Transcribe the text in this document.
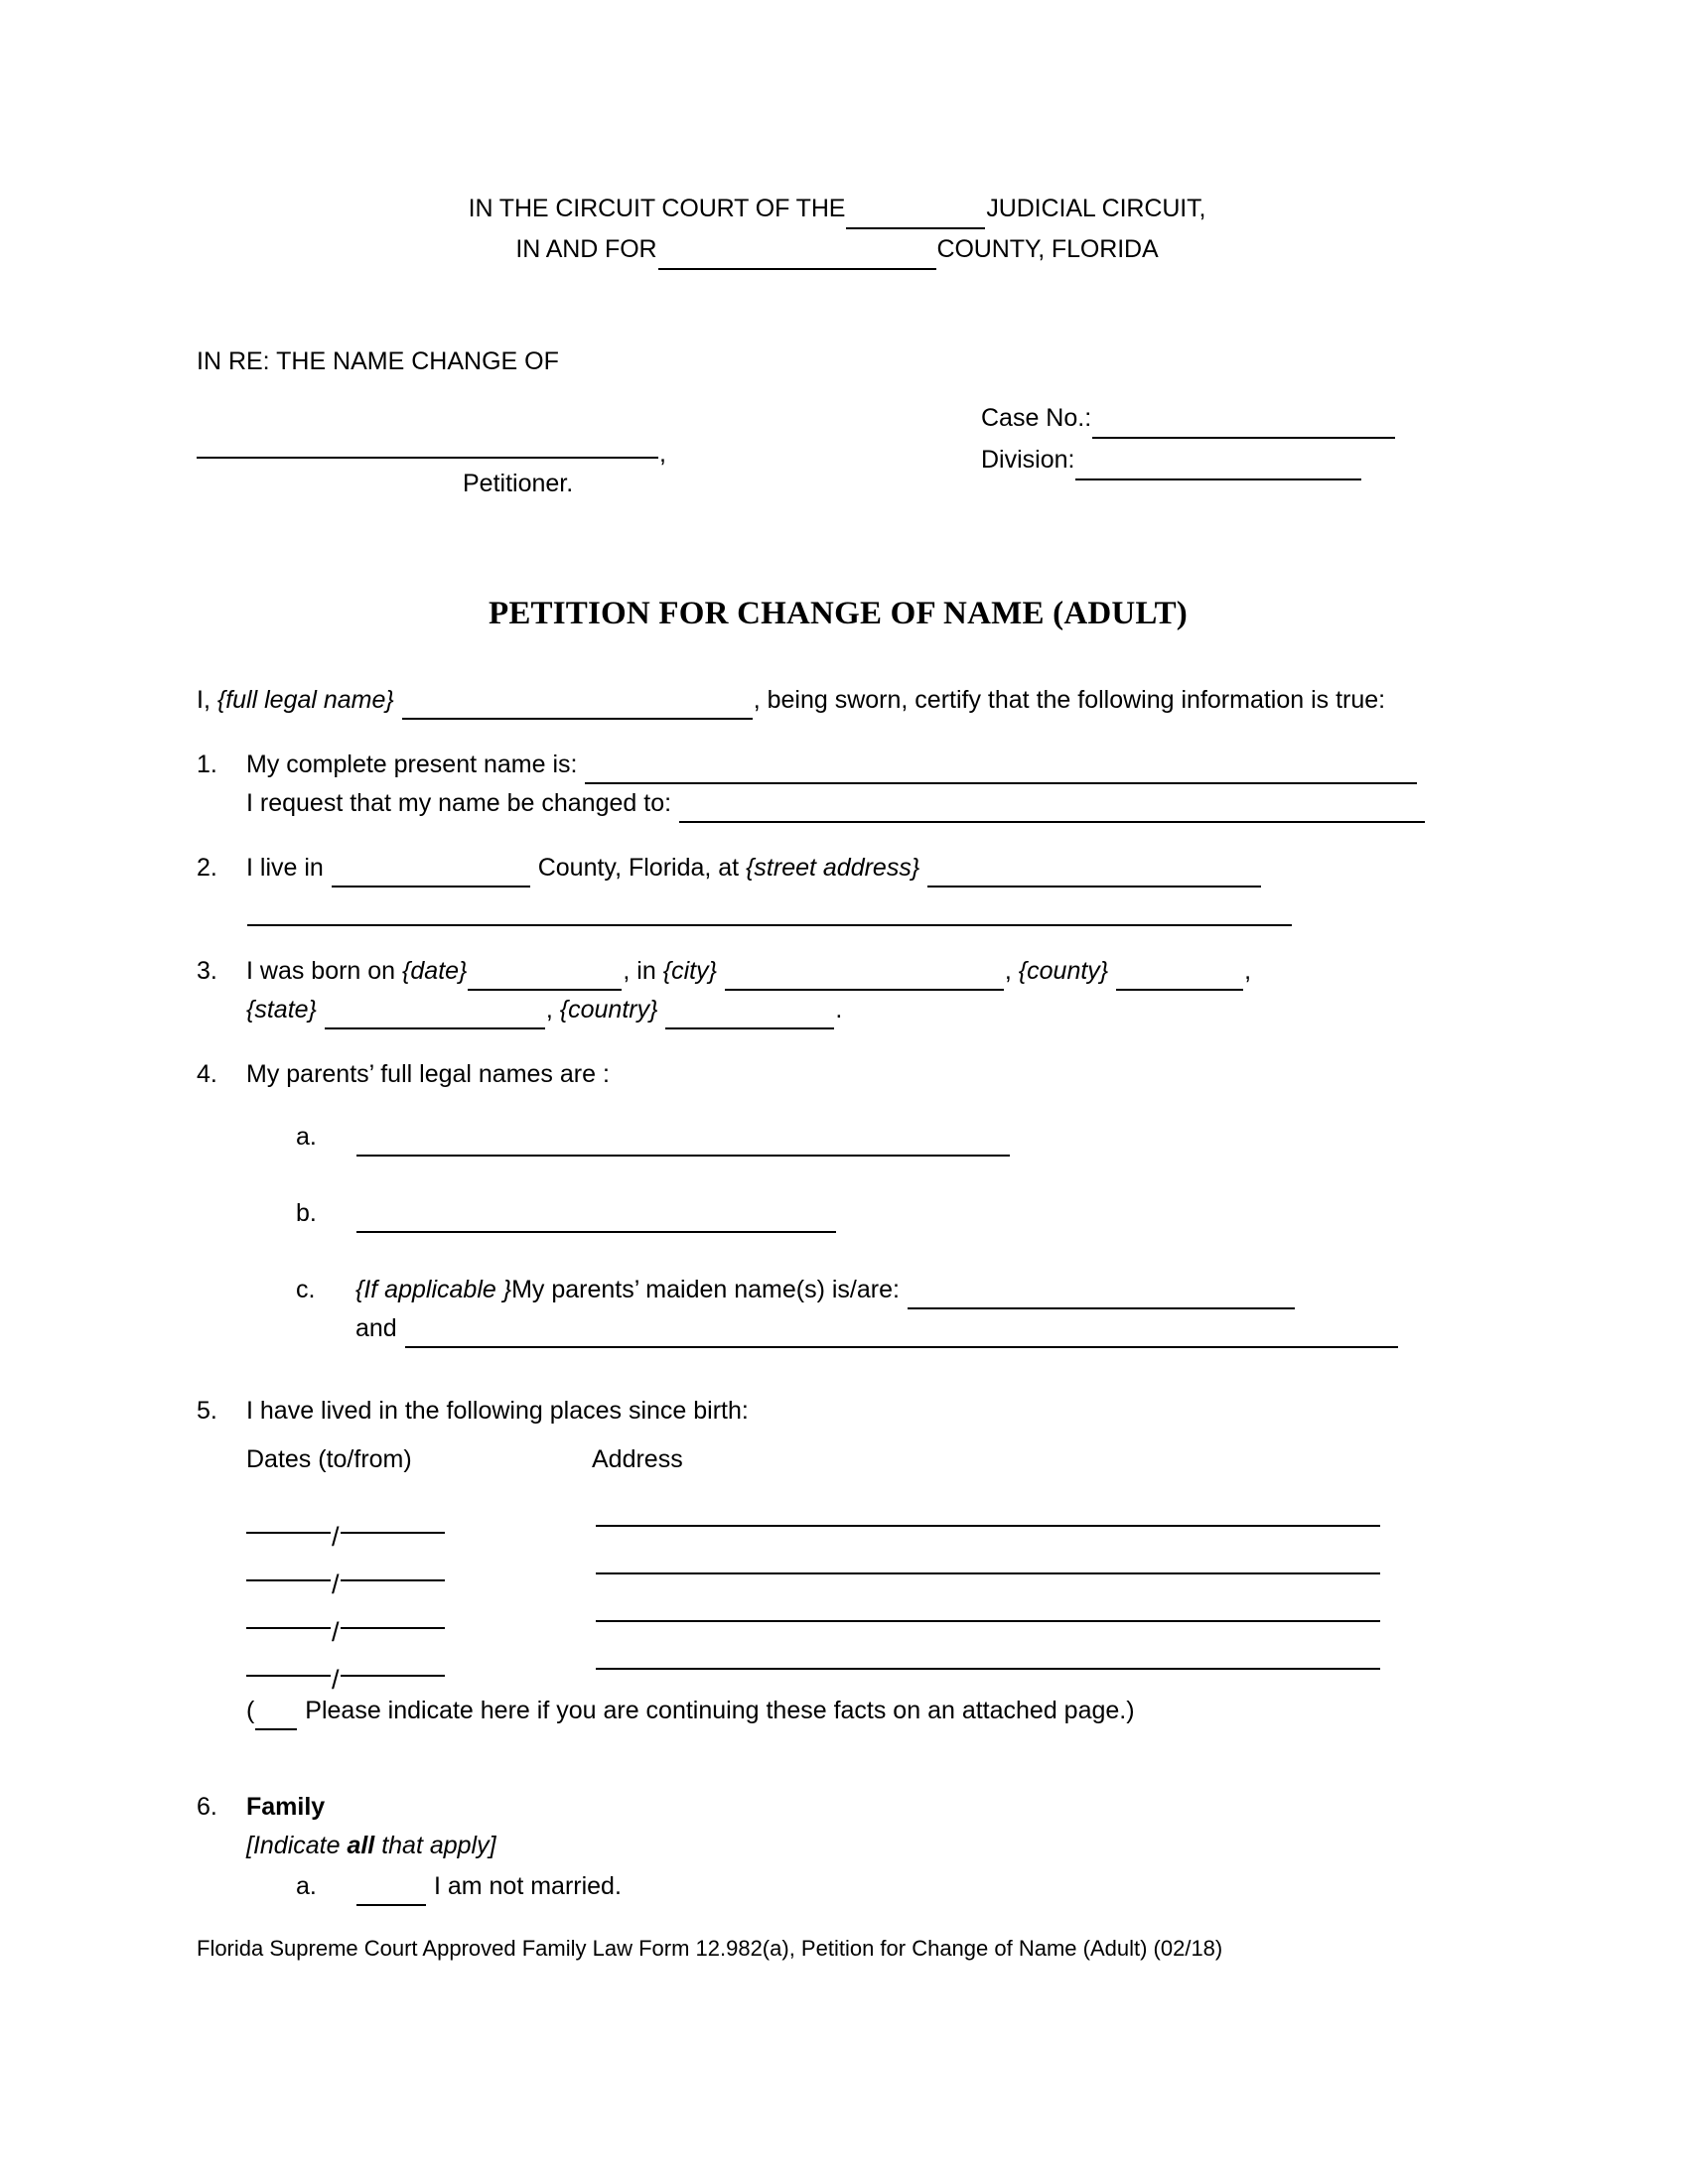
IN THE CIRCUIT COURT OF THE	JUDICIAL CIRCUIT,
IN AND FOR	COUNTY, FLORIDA
IN RE: THE NAME CHANGE OF
,
Petitioner.
Case No.:
Division:
PETITION FOR CHANGE OF NAME (ADULT)
I, {full legal name}	, being sworn, certify that the following information is true:
1.	My complete present name is:
I request that my name be changed to:
2.	I live in	County, Florida, at {street address}
3.	I was born on {date}	, in {city}	, {county}	,
{state}	, {country}	.
4.	My parents’ full legal names are :
a.
b.
c.	{If applicable }My parents’ maiden name(s) is/are:
and
5.	I have lived in the following places since birth:
Dates (to/from)	Address
/
/
/
/
( Please indicate here if you are continuing these facts on an attached page.)
6.	Family
[Indicate all that apply]
a.	I am not married.
Florida Supreme Court Approved Family Law Form 12.982(a), Petition for Change of Name (Adult) (02/18)
